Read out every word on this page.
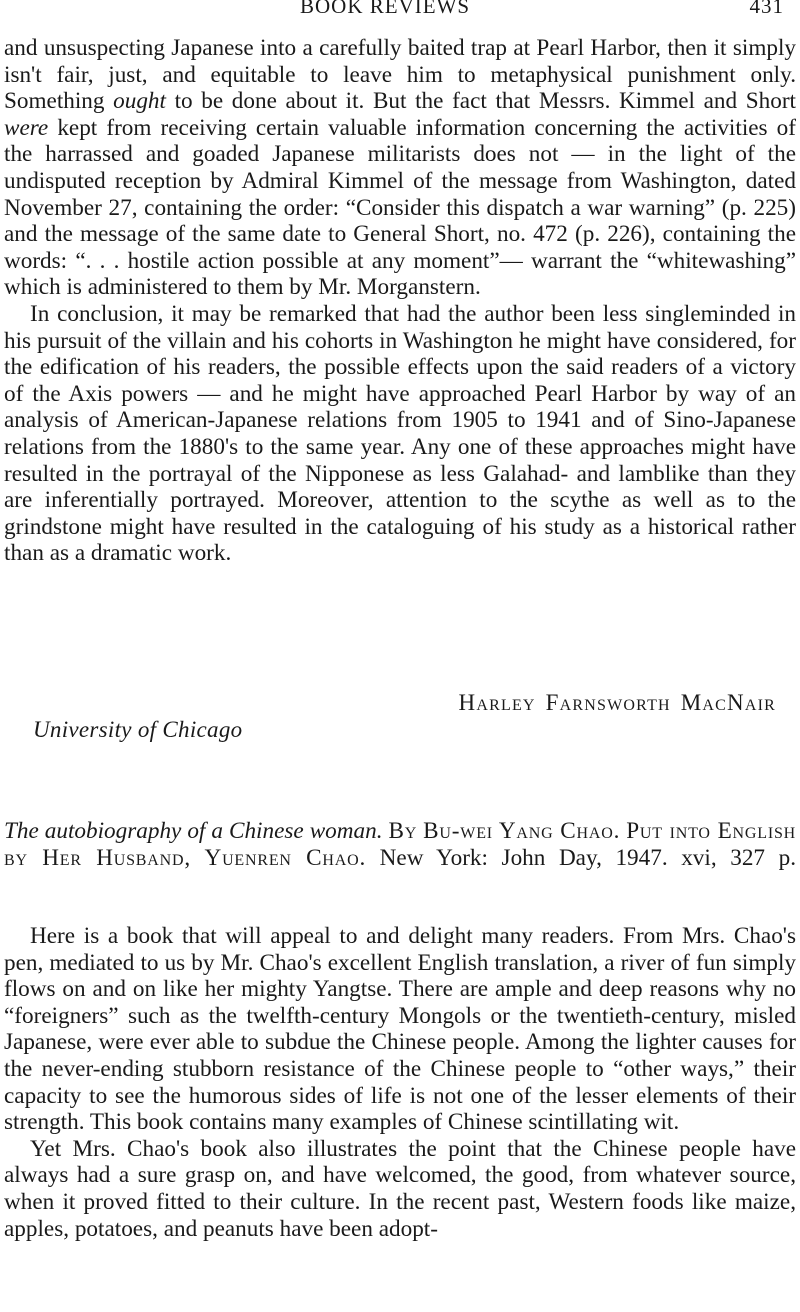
BOOK REVIEWS	431

and unsuspecting Japanese into a carefully baited trap at Pearl Harbor, then it simply isn't fair, just, and equitable to leave him to metaphysical punishment only. Something ought to be done about it. But the fact that Messrs. Kimmel and Short were kept from receiving certain valuable information concerning the activities of the harrassed and goaded Japanese militarists does not — in the light of the undisputed reception by Admiral Kimmel of the message from Washington, dated November 27, containing the order: “Consider this dispatch a war warning” (p. 225) and the message of the same date to General Short, no. 472 (p. 226), containing the words: “. . . hostile action possible at any moment”— warrant the “whitewashing” which is administered to them by Mr. Morganstern.

In conclusion, it may be remarked that had the author been less singleminded in his pursuit of the villain and his cohorts in Washington he might have considered, for the edification of his readers, the possible effects upon the said readers of a victory of the Axis powers — and he might have approached Pearl Harbor by way of an analysis of American-Japanese relations from 1905 to 1941 and of Sino-Japanese relations from the 1880's to the same year. Any one of these approaches might have resulted in the portrayal of the Nipponese as less Galahad- and lamblike than they are inferentially portrayed. Moreover, attention to the scythe as well as to the grindstone might have resulted in the cataloguing of his study as a historical rather than as a dramatic work.

Harley Farnsworth MacNair
University of Chicago
The autobiography of a Chinese woman. By Bu-wei Yang Chao. Put into English by Her Husband, Yuenren Chao. New York: John Day, 1947. xvi, 327 p.

Here is a book that will appeal to and delight many readers. From Mrs. Chao's pen, mediated to us by Mr. Chao's excellent English translation, a river of fun simply flows on and on like her mighty Yangtse. There are ample and deep reasons why no “foreigners” such as the twelfth-century Mongols or the twentieth-century, misled Japanese, were ever able to subdue the Chinese people. Among the lighter causes for the never-ending stubborn resistance of the Chinese people to “other ways,” their capacity to see the humorous sides of life is not one of the lesser elements of their strength. This book contains many examples of Chinese scintillating wit.

Yet Mrs. Chao's book also illustrates the point that the Chinese people have always had a sure grasp on, and have welcomed, the good, from whatever source, when it proved fitted to their culture. In the recent past, Western foods like maize, apples, potatoes, and peanuts have been adopt-
